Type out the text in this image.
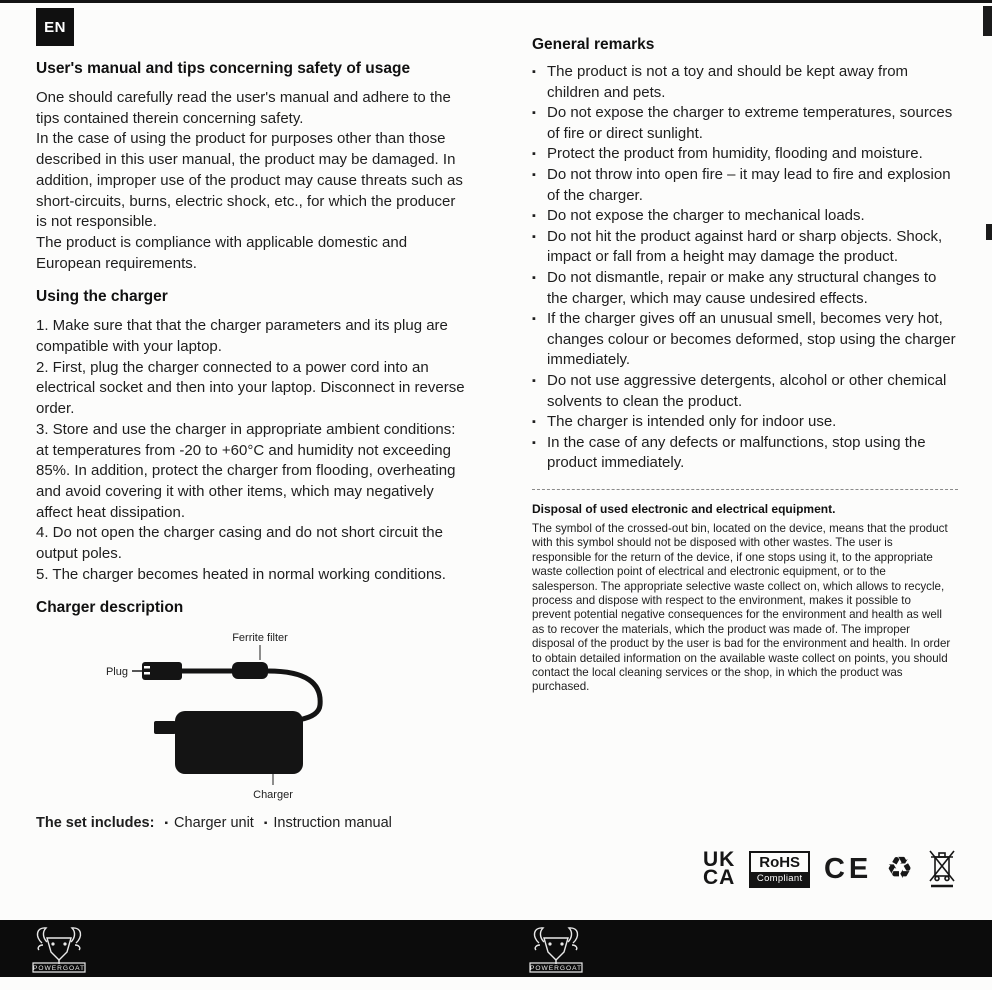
EN
User's manual and tips concerning safety of usage
One should carefully read the user's manual and adhere to the tips contained therein concerning safety.
In the case of using the product for purposes other than those described in this user manual, the product may be damaged. In addition, improper use of the product may cause threats such as short-circuits, burns, electric shock, etc., for which the producer is not responsible.
The product is compliance with applicable domestic and European requirements.
Using the charger
1. Make sure that that the charger parameters and its plug are compatible with your laptop.
2. First, plug the charger connected to a power cord into an electrical socket and then into your laptop. Disconnect in reverse order.
3. Store and use the charger in appropriate ambient conditions: at temperatures from -20 to +60°C and humidity not exceeding 85%. In addition, protect the charger from flooding, overheating and avoid covering it with other items, which may negatively affect heat dissipation.
4. Do not open the charger casing and do not short circuit the output poles.
5. The charger becomes heated in normal working conditions.
Charger description
Ferrite filter
Plug
Charger
The set includes: ▪ Charger unit ▪ Instruction manual
General remarks
▪ The product is not a toy and should be kept away from children and pets.
▪ Do not expose the charger to extreme temperatures, sources of fire or direct sunlight.
▪ Protect the product from humidity, flooding and moisture.
▪ Do not throw into open fire – it may lead to fire and explosion of the charger.
▪ Do not expose the charger to mechanical loads.
▪ Do not hit the product against hard or sharp objects. Shock, impact or fall from a height may damage the product.
▪ Do not dismantle, repair or make any structural changes to the charger, which may cause undesired effects.
▪ If the charger gives off an unusual smell, becomes very hot, changes colour or becomes deformed, stop using the charger immediately.
▪ Do not use aggressive detergents, alcohol or other chemical solvents to clean the product.
▪ The charger is intended only for indoor use.
▪ In the case of any defects or malfunctions, stop using the product immediately.
Disposal of used electronic and electrical equipment.
The symbol of the crossed-out bin, located on the device, means that the product with this symbol should not be disposed with other wastes. The user is responsible for the return of the device, if one stops using it, to the appropriate waste collection point of electrical and electronic equipment, or to the salesperson. The appropriate selective waste collect on, which allows to recycle, process and dispose with respect to the environment, makes it possible to prevent potential negative consequences for the environment and health as well as to recover the materials, which the product was made of. The improper disposal of the product by the user is bad for the environment and health. In order to obtain detailed information on the available waste collect on points, you should contact the local cleaning services or the shop, in which the product was purchased.
UK
CA
RoHS
Compliant CE ♻
POWERGOAT	POWERGOAT
